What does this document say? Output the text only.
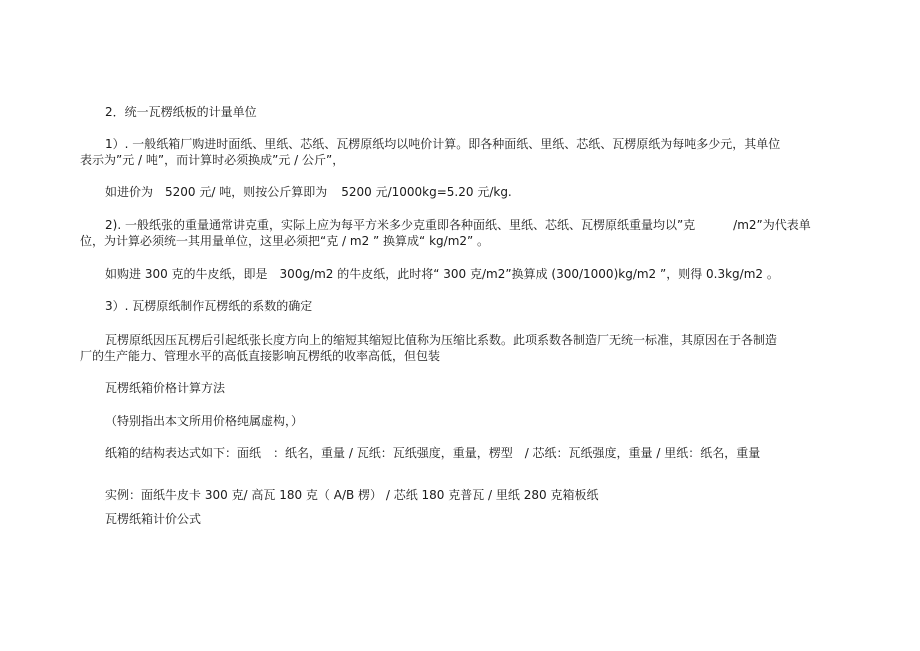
2．统一瓦楞纸板的计量单位

1）. 一般纸箱厂购进时面纸、里纸、芯纸、瓦楞原纸均以吨价计算。即各种面纸、里纸、芯纸、瓦楞原纸为每吨多少元，其单位

表示为”元 / 吨”，而计算时必须换成”元 / 公斤”，

如进价为 5200 元/ 吨，则按公斤算即为 5200 元/1000kg=5.20 元/kg.

2). 一般纸张的重量通常讲克重，实际上应为每平方米多少克重即各种面纸、里纸、芯纸、瓦楞原纸重量均以”克	/m2”为代表单

位，为计算必须统一其用量单位，这里必须把“克 / m2 ” 换算成“ kg/m2” 。

如购进 300 克的牛皮纸，即是 300g/m2 的牛皮纸，此时将“ 300 克/m2”换算成 (300/1000)kg/m2 ”，则得 0.3kg/m2 。

3）. 瓦楞原纸制作瓦楞纸的系数的确定

瓦楞原纸因压瓦楞后引起纸张长度方向上的缩短其缩短比值称为压缩比系数。此项系数各制造厂无统一标准，其原因在于各制造

厂的生产能力、管理水平的高低直接影响瓦楞纸的收率高低，但包装

瓦楞纸箱价格计算方法

（特别指出本文所用价格纯属虚构，）

纸箱的结构表达式如下：面纸 ：纸名，重量 / 瓦纸：瓦纸强度，重量，楞型 / 芯纸：瓦纸强度，重量 / 里纸：纸名，重量

实例：面纸牛皮卡 300 克/ 高瓦 180 克（ A/B 楞） / 芯纸 180 克普瓦 / 里纸 280 克箱板纸

瓦楞纸箱计价公式
